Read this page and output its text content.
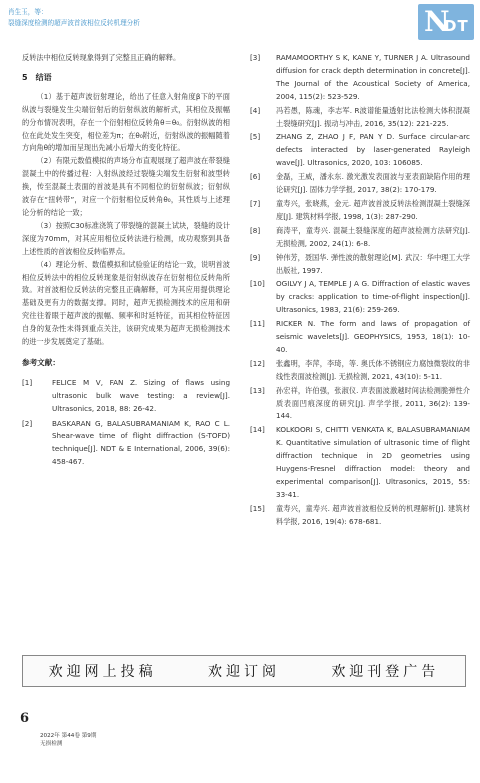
肖生玉，等：
裂缝深度检测的超声波首波相位反转机理分析	N
DT

反转法中相位反转现象得到了完整且正确的解释。

5　结语

（1）基于超声波衍射理论，给出了任意入射角度β下的平面纵波与裂缝发生尖端衍射后的衍射纵波的解析式，其相位及振幅的分布情况表明，存在一个衍射相位反转角θ＝θ₀。衍射纵波的相位在此处发生突变，相位差为π；在θ₀附近，衍射纵波的振幅随着方向角θ的增加而呈现出先减小后增大的变化特征。

（2）有限元数值模拟的声场分布直观展现了超声波在带裂缝混凝土中的传播过程：入射纵波经过裂缝尖端发生衍射和波型转换，传至混凝土表面的首波是具有不同相位的衍射纵波；衍射纵波存在“扭转带”，对应一个衍射相位反转角θ₀，其性质与上述理论分析的结论一致；

（3）按照C30标准浇筑了带裂缝的混凝土试块，裂缝的设计深度为70mm，对其应用相位反转法进行检测，成功观察到具备上述性质的首波相位反转临界点。

（4）理论分析、数值模拟和试验验证的结论一致，说明首波相位反转法中的相位反转现象是衍射纵波存在衍射相位反转角所致。对首波相位反转法的完整且正确解释，可为其应用提供理论基础及更有力的数据支撑。同时，超声无损检测技术的应用和研究往往着眼于超声波的振幅、频率和时延特征，而其相位特征因自身的复杂性未得到重点关注，该研究成果为超声无损检测技术的进一步发展奠定了基础。

参考文献：
[1]	FELICE M V, FAN Z. Sizing of flaws using ultrasonic bulk wave testing: a review[J]. Ultrasonics, 2018, 88: 26-42.
[2]	BASKARAN G, BALASUBRAMANIAM K, RAO C L. Shear-wave time of flight diffraction (S-TOFD) technique[J]. NDT & E International, 2006, 39(6): 458-467.
[3]	RAMAMOORTHY S K, KANE Y, TURNER J A. Ultrasound diffusion for crack depth determination in concrete[J]. The Journal of the Acoustical Society of America, 2004, 115(2): 523-529.
[4]	冯若愚，陈魂，李志军. R波谱能量透射比法检测大体积混凝土裂缝研究[J]. 振动与冲击, 2016, 35(12): 221-225.
[5]	ZHANG Z, ZHAO J F, PAN Y D. Surface circular-arc defects interacted by laser-generated Rayleigh wave[J]. Ultrasonics, 2020, 103: 106085.
[6]	金磊，王威，潘永东. 激光激发表面波与亚表面缺陷作用的理论研究[J]. 固体力学学报, 2017, 38(2): 170-179.
[7]	童寿兴，张晓燕，金元. 超声波首波反转法检测混凝土裂缝深度[J]. 建筑材料学报, 1998, 1(3): 287-290.
[8]	商涛平，童寿兴. 混凝土裂缝深度的超声波检测方法研究[J]. 无损检测, 2002, 24(1): 6-8.
[9]	钟伟芳，聂国华. 弹性波的散射理论[M]. 武汉：华中理工大学出版社, 1997.
[10]	OGILVY J A, TEMPLE J A G. Diffraction of elastic waves by cracks: application to time-of-flight inspection[J]. Ultrasonics, 1983, 21(6): 259-269.
[11]	RICKER N. The form and laws of propagation of seismic wavelets[J]. GEOPHYSICS, 1953, 18(1): 10-40.
[12]	张鑫明，李萍，李琦，等. 奥氏体不锈钢应力腐蚀微裂纹的非线性表面波检测[J]. 无损检测, 2021, 43(10): 5-11.
[13]	孙宏祥，许伯强，张淑仪. 声表面波激越时间法检测脆弹性介质表面凹痕深度的研究[J]. 声学学报, 2011, 36(2): 139-144.
[14]	KOLKOORI S, CHITTI VENKATA K, BALASUBRAMANIAM K. Quantitative simulation of ultrasonic time of flight diffraction technique in 2D geometries using Huygens-Fresnel diffraction model: theory and experimental comparison[J]. Ultrasonics, 2015, 55: 33-41.
[15]	童寿兴，童寿兴. 超声波首波相位反转的机理解析[J]. 建筑材料学报, 2016, 19(4): 678-681.
欢迎网上投稿	欢迎订阅	欢迎刊登广告
6
2022年 第44卷 第9期
无损检测
